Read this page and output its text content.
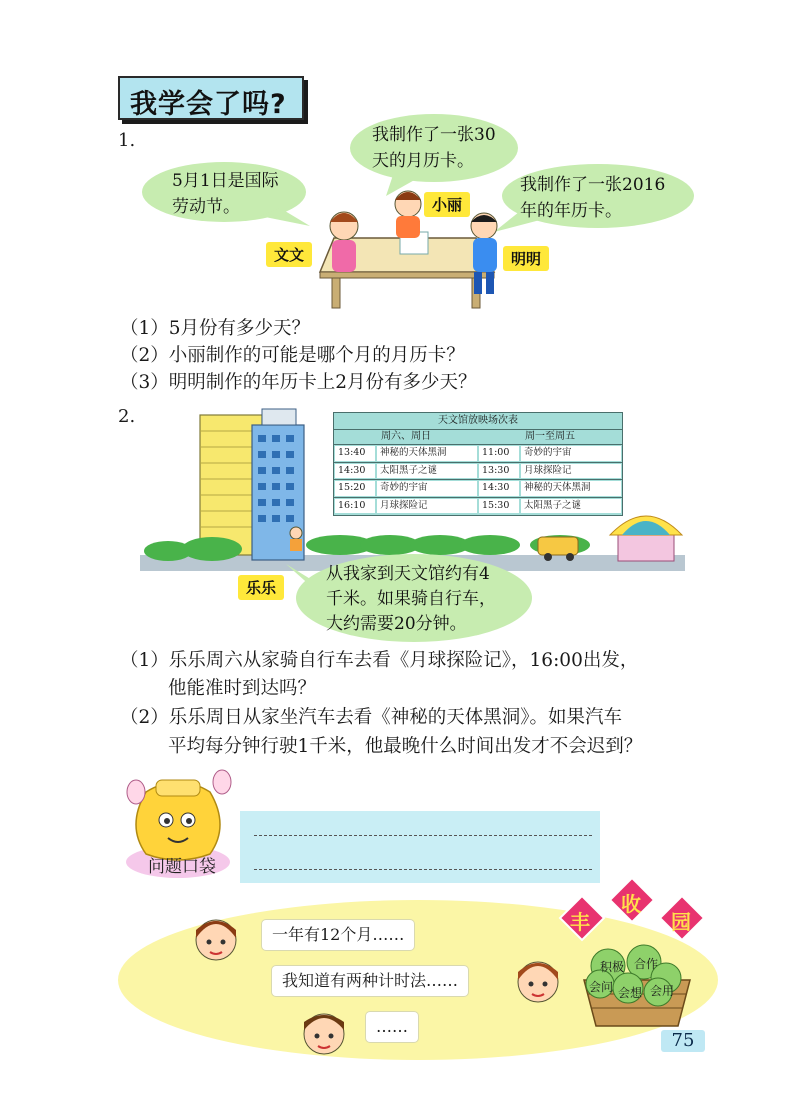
我学会了吗?
1.
5月1日是国际
劳动节。
我制作了一张30
天的月历卡。
我制作了一张2016
年的年历卡。
文文
小丽
明明
（1）5月份有多少天？
（2）小丽制作的可能是哪个月的月历卡？
（3）明明制作的年历卡上2月份有多少天？
2.	天文馆放映场次表
周六、周日	周一至周五
13:40	神秘的天体黑洞	11:00	奇妙的宇宙
14:30	太阳黑子之谜	13:30	月球探险记
15:20	奇妙的宇宙	14:30	神秘的天体黑洞
16:10	月球探险记	15:30	太阳黑子之谜
乐乐
从我家到天文馆约有4
千米。如果骑自行车，
大约需要20分钟。
（1）乐乐周六从家骑自行车去看《月球探险记》，16:00出发，
他能准时到达吗？
（2）乐乐周日从家坐汽车去看《神秘的天体黑洞》。如果汽车
平均每分钟行驶1千米，他最晚什么时间出发才不会迟到？
问题口袋
一年有12个月……
我知道有两种计时法……
……
丰
收
园
积极 合作
会问 会想 会用
75
